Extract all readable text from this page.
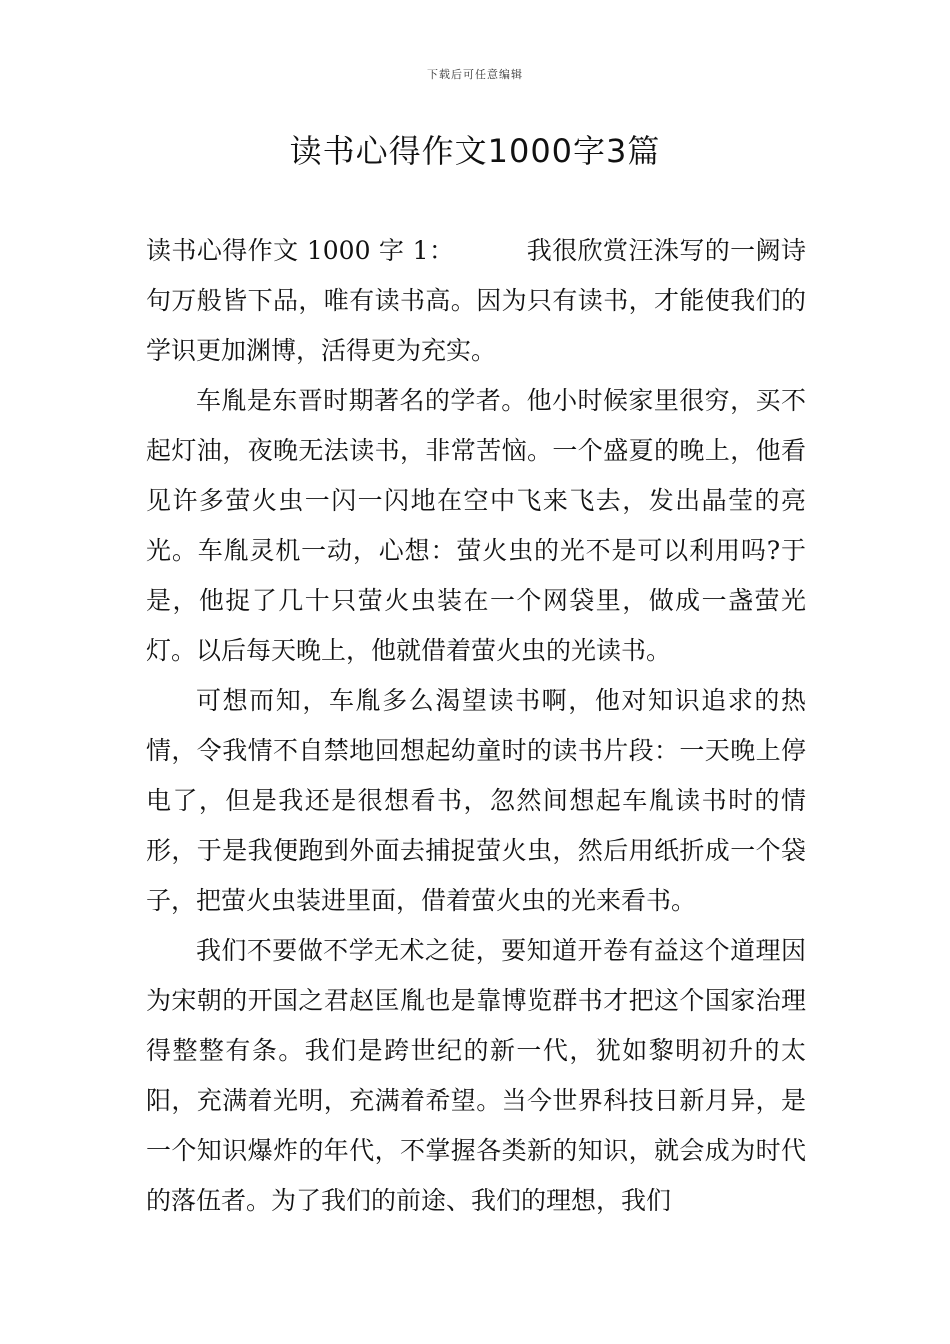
下载后可任意编辑
读书心得作文1000字3篇

读书心得作文 1000 字 1：	我很欣赏汪洙写的一阙诗句万般皆下品，唯有读书高。因为只有读书，才能使我们的学识更加渊博，活得更为充实。

车胤是东晋时期著名的学者。他小时候家里很穷，买不起灯油，夜晚无法读书，非常苦恼。一个盛夏的晚上，他看见许多萤火虫一闪一闪地在空中飞来飞去，发出晶莹的亮光。车胤灵机一动，心想：萤火虫的光不是可以利用吗?于是，他捉了几十只萤火虫装在一个网袋里，做成一盏萤光灯。以后每天晚上，他就借着萤火虫的光读书。

可想而知，车胤多么渴望读书啊，他对知识追求的热情，令我情不自禁地回想起幼童时的读书片段：一天晚上停电了，但是我还是很想看书，忽然间想起车胤读书时的情形，于是我便跑到外面去捕捉萤火虫，然后用纸折成一个袋子，把萤火虫装进里面，借着萤火虫的光来看书。

我们不要做不学无术之徒，要知道开卷有益这个道理因为宋朝的开国之君赵匡胤也是靠博览群书才把这个国家治理得整整有条。我们是跨世纪的新一代，犹如黎明初升的太阳，充满着光明，充满着希望。当今世界科技日新月异，是一个知识爆炸的年代，不掌握各类新的知识，就会成为时代的落伍者。为了我们的前途、我们的理想，我们
